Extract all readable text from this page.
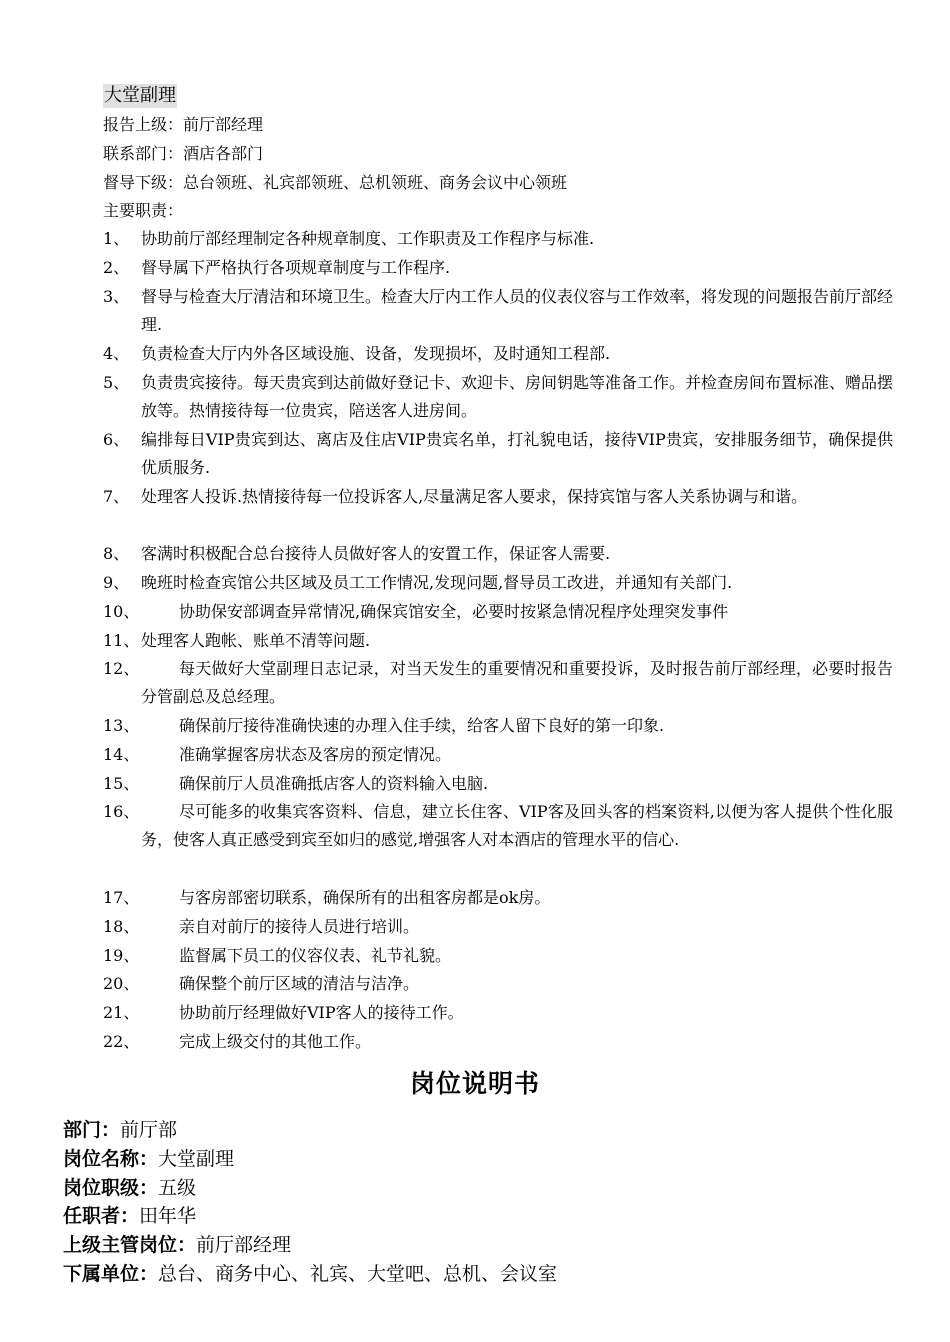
大堂副理
报告上级：前厅部经理
联系部门：酒店各部门
督导下级：总台领班、礼宾部领班、总机领班、商务会议中心领班
主要职责：
1、 协助前厅部经理制定各种规章制度、工作职责及工作程序与标准.
2、 督导属下严格执行各项规章制度与工作程序.
3、 督导与检查大厅清洁和环境卫生。检查大厅内工作人员的仪表仪容与工作效率，将发现的问题报告前厅部经理.
4、 负责检查大厅内外各区域设施、设备，发现损坏，及时通知工程部.
5、 负责贵宾接待。每天贵宾到达前做好登记卡、欢迎卡、房间钥匙等准备工作。并检查房间布置标准、赠品摆放等。热情接待每一位贵宾，陪送客人进房间。
6、 编排每日VIP贵宾到达、离店及住店VIP贵宾名单，打礼貌电话，接待VIP贵宾，安排服务细节，确保提供优质服务.
7、 处理客人投诉.热情接待每一位投诉客人,尽量满足客人要求，保持宾馆与客人关系协调与和谐。
8、 客满时积极配合总台接待人员做好客人的安置工作，保证客人需要.
9、 晚班时检查宾馆公共区域及员工工作情况,发现问题,督导员工改进，并通知有关部门.
10、	协助保安部调查异常情况,确保宾馆安全，必要时按紧急情况程序处理突发事件
11、 处理客人跑帐、账单不清等问题.
12、	每天做好大堂副理日志记录，对当天发生的重要情况和重要投诉，及时报告前厅部经理，必要时报告分管副总及总经理。
13、	确保前厅接待准确快速的办理入住手续，给客人留下良好的第一印象.
14、	准确掌握客房状态及客房的预定情况。
15、	确保前厅人员准确抵店客人的资料输入电脑.
16、	尽可能多的收集宾客资料、信息，建立长住客、VIP客及回头客的档案资料,以便为客人提供个性化服务，使客人真正感受到宾至如归的感觉,增强客人对本酒店的管理水平的信心.
17、	与客房部密切联系，确保所有的出租客房都是ok房。
18、	亲自对前厅的接待人员进行培训。
19、	监督属下员工的仪容仪表、礼节礼貌。
20、	确保整个前厅区域的清洁与洁净。
21、	协助前厅经理做好VIP客人的接待工作。
22、	完成上级交付的其他工作。
岗位说明书
部门：前厅部
岗位名称：大堂副理
岗位职级：五级
任职者：田年华
上级主管岗位：前厅部经理
下属单位：总台、商务中心、礼宾、大堂吧、总机、会议室
